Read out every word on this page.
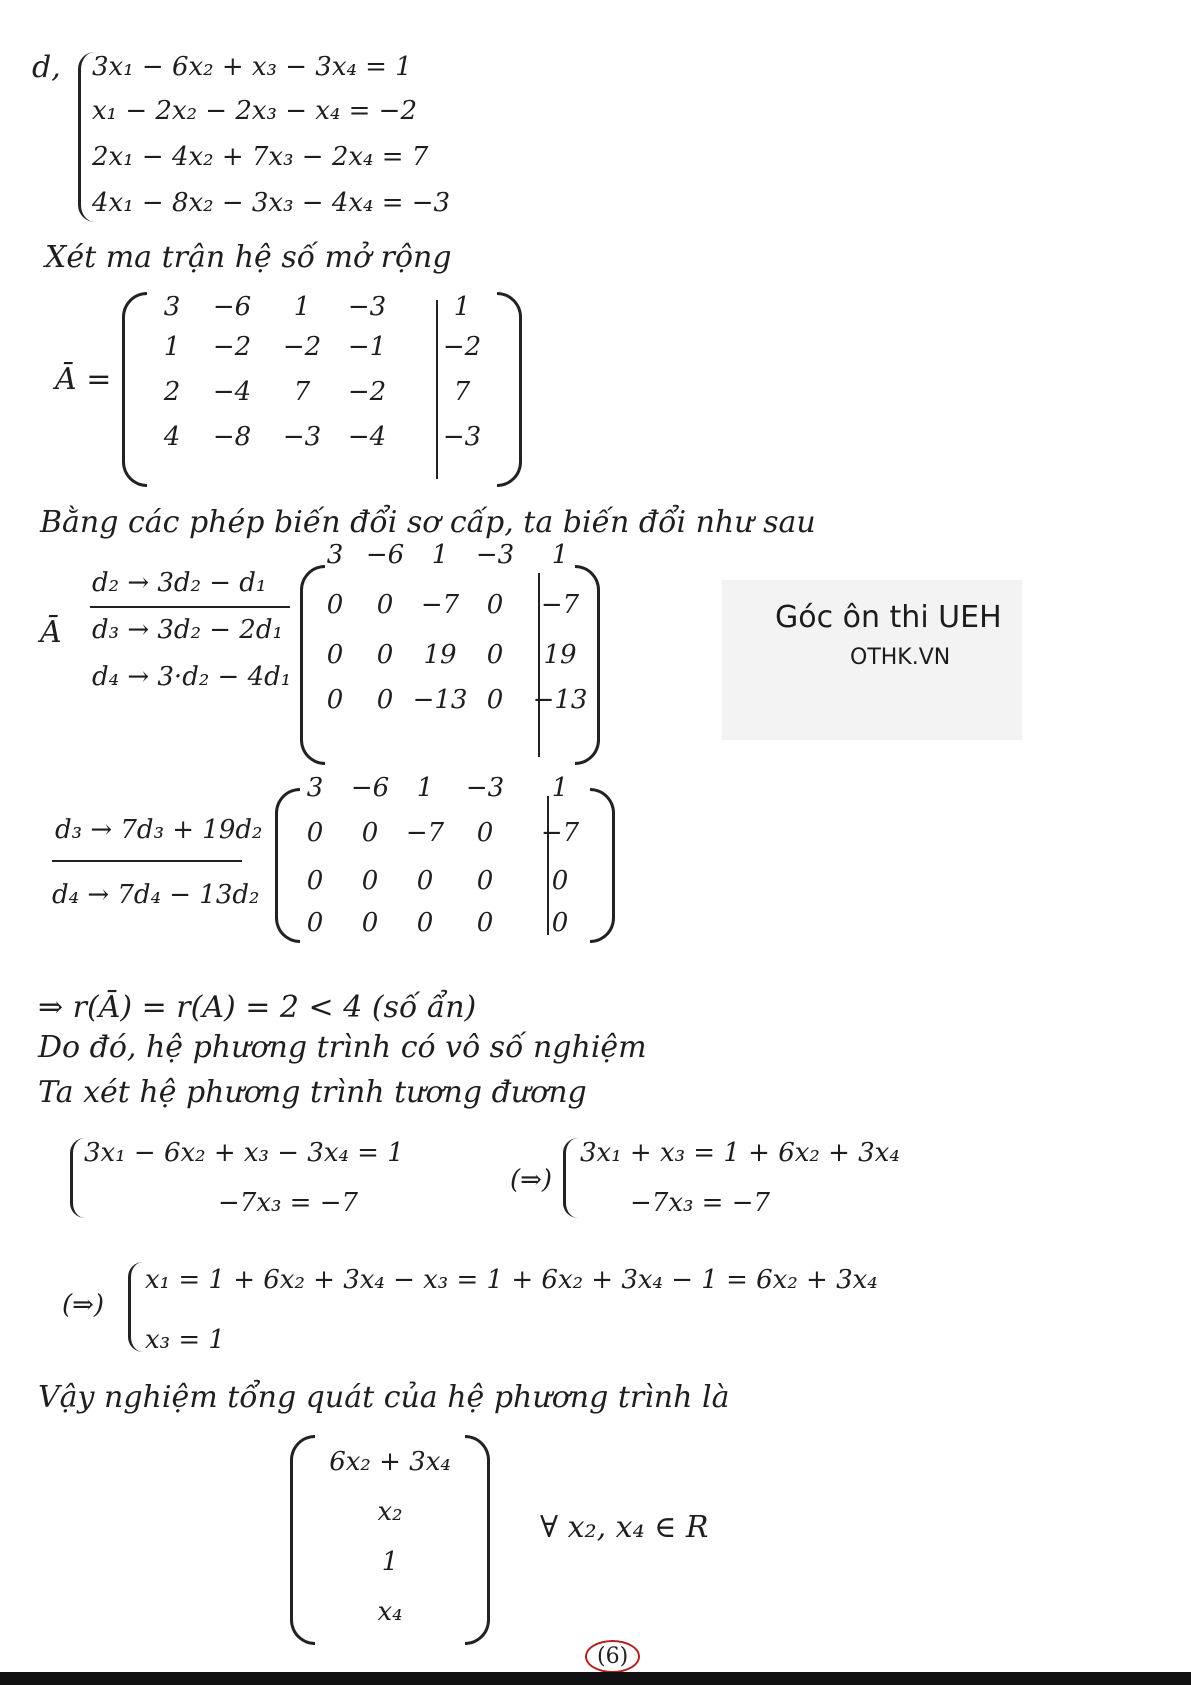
d, 3x₁ − 6x₂ + x₃ − 3x₄ = 1
x₁ − 2x₂ − 2x₃ − x₄ = −2
2x₁ − 4x₂ + 7x₃ − 2x₄ = 7
4x₁ − 8x₂ − 3x₃ − 4x₄ = −3
Xét ma trận hệ số mở rộng
Ā =
3	−6	1	−3	1
1	−2	−2	−1	−2
2	−4	7	−2	7
4	−8	−3	−4	−3
Bằng các phép biến đổi sơ cấp, ta biến đổi như sau
Ā
d₂ → 3d₂ − d₁
d₃ → 3d₂ − 2d₁
d₄ → 3·d₂ − 4d₁
3 −6	1	−3	1
0	0	−7	0	−7
0	0	19	0	19
0	0 −13 0	−13
Góc ôn thi UEH
OTHK.VN
d₃ → 7d₃ + 19d₂
d₄ → 7d₄ − 13d₂
3	−6	1	−3	1
0	0	−7	0	−7
0	0	0	0	0
0	0	0	0	0
⇒ r(Ā) = r(A) = 2 < 4 (số ẩn)
Do đó, hệ phương trình có vô số nghiệm
Ta xét hệ phương trình tương đương
3x₁ − 6x₂ + x₃ − 3x₄ = 1
−7x₃ = −7
(⇒)
3x₁ + x₃ = 1 + 6x₂ + 3x₄
−7x₃ = −7
(⇒)
x₁ = 1 + 6x₂ + 3x₄ − x₃ = 1 + 6x₂ + 3x₄ − 1 = 6x₂ + 3x₄
x₃ = 1
Vậy nghiệm tổng quát của hệ phương trình là
6x₂ + 3x₄
x₂
1
x₄
∀ x₂, x₄ ∈ R
(6)
